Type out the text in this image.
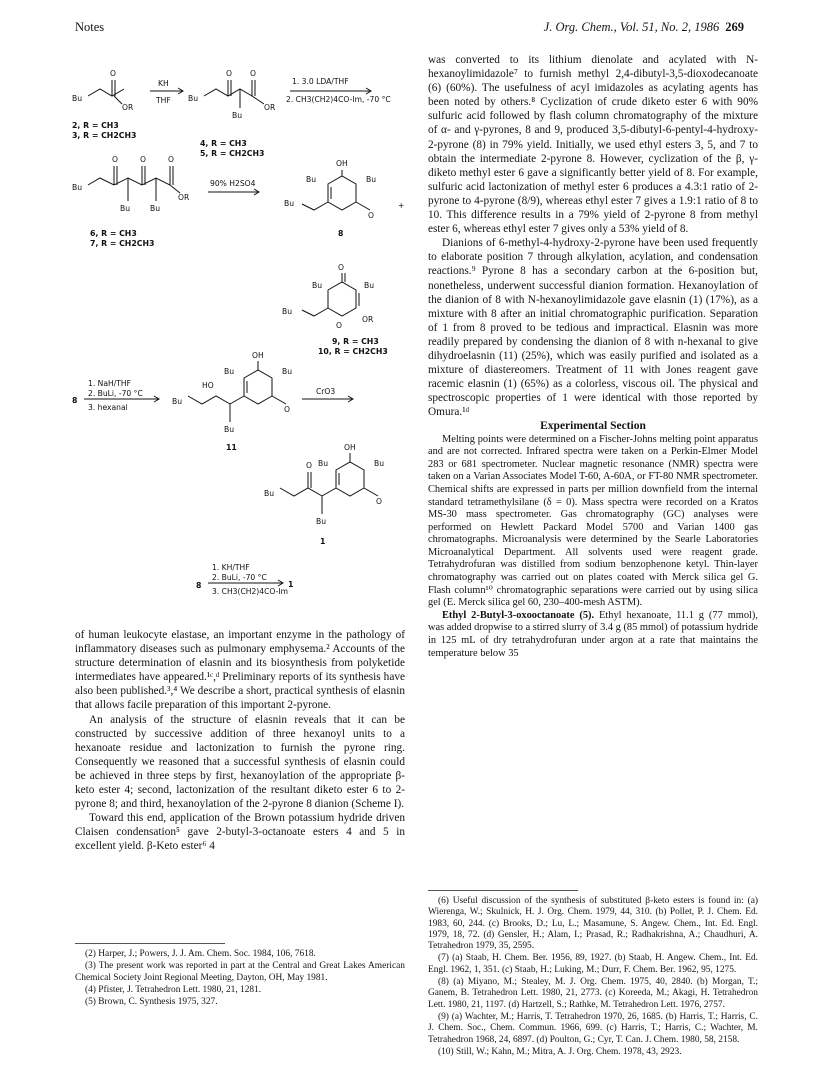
Notes	J. Org. Chem., Vol. 51, No. 2, 1986 269
Bu
O
OR
2, R = CH3
3, R = CH2CH3
KH
THF Bu
O O
OR
Bu
4, R = CH3
5, R = CH2CH3
1. 3.0 LDA/THF
2. CH3(CH2)4CO-Im, -70 °C
Bu
O	O	O
OR
Bu	Bu
6, R = CH3
7, R = CH2CH3
90% H2SO4
OH
O
Bu	Bu
Bu
8
+
O
Bu	Bu
Bu
O
OR
9, R = CH3
10, R = CH2CH3
8
1. NaH/THF
2. BuLi, -70 °C
3. hexanal
OH
O
Bu	Bu
Bu
HO
Bu
11
CrO3
OH
O
Bu	Bu
Bu
O
Bu
1
8
1. KH/THF
2. BuLi, -70 °C
3. CH3(CH2)4CO-Im
1

of human leukocyte elastase, an important enzyme in the pathology of inflammatory diseases such as pulmonary emphysema.² Accounts of the structure determination of elasnin and its biosynthesis from polyketide intermediates have appeared.¹ᶜ,ᵈ Preliminary reports of its synthesis have also been published.³,⁴ We describe a short, practical synthesis of elasnin that allows facile preparation of this important 2-pyrone.

An analysis of the structure of elasnin reveals that it can be constructed by successive addition of three hexanoyl units to a hexanoate residue and lactonization to furnish the pyrone ring. Consequently we reasoned that a successful synthesis of elasnin could be achieved in three steps by first, hexanoylation of the appropriate β-keto ester 4; second, lactonization of the resultant diketo ester 6 to 2-pyrone 8; and third, hexanoylation of the 2-pyrone 8 dianion (Scheme I).

Toward this end, application of the Brown potassium hydride driven Claisen condensation⁵ gave 2-butyl-3-octanoate esters 4 and 5 in excellent yield. β-Keto ester⁶ 4

was converted to its lithium dienolate and acylated with N-hexanoylimidazole⁷ to furnish methyl 2,4-dibutyl-3,5-dioxodecanoate (6) (60%). The usefulness of acyl imidazoles as acylating agents has been noted by others.⁸ Cyclization of crude diketo ester 6 with 90% sulfuric acid followed by flash column chromatography of the mixture of α- and γ-pyrones, 8 and 9, produced 3,5-dibutyl-6-pentyl-4-hydroxy-2-pyrone (8) in 79% yield. Initially, we used ethyl esters 3, 5, and 7 to obtain the intermediate 2-pyrone 8. However, cyclization of the β, γ-diketo methyl ester 6 gave a significantly better yield of 8. For example, sulfuric acid lactonization of methyl ester 6 produces a 4.3:1 ratio of 2-pyrone to 4-pyrone (8/9), whereas ethyl ester 7 gives a 1.9:1 ratio of 8 to 10. This difference results in a 79% yield of 2-pyrone 8 from methyl ester 6, whereas ethyl ester 7 gives only a 53% yield of 8.

Dianions of 6-methyl-4-hydroxy-2-pyrone have been used frequently to elaborate position 7 through alkylation, acylation, and condensation reactions.⁹ Pyrone 8 has a secondary carbon at the 6-position but, nonetheless, underwent successful dianion formation. Hexanoylation of the dianion of 8 with N-hexanoylimidazole gave elasnin (1) (17%), as a mixture with 8 after an initial chromatographic purification. Separation of 1 from 8 proved to be tedious and impractical. Elasnin was more readily prepared by condensing the dianion of 8 with n-hexanal to give dihydroelasnin (11) (25%), which was easily purified and isolated as a mixture of diastereomers. Treatment of 11 with Jones reagent gave racemic elasnin (1) (65%) as a colorless, viscous oil. The physical and spectroscopic properties of 1 were identical with those reported by Omura.¹ᵈ

Experimental Section

Melting points were determined on a Fischer-Johns melting point apparatus and are not corrected. Infrared spectra were taken on a Perkin-Elmer Model 283 or 681 spectrometer. Nuclear magnetic resonance (NMR) spectra were taken on a Varian Associates Model T-60, A-60A, or FT-80 NMR spectrometer. Chemical shifts are expressed in parts per million downfield from the internal standard tetramethylsilane (δ = 0). Mass spectra were recorded on a Kratos MS-30 mass spectrometer. Gas chromatography (GC) analyses were performed on Hewlett Packard Model 5700 and Varian 1400 gas chromatographs. Microanalysis were determined by the Searle Laboratories Microanalytical Department. All solvents used were reagent grade. Tetrahydrofuran was distilled from sodium benzophenone ketyl. Thin-layer chromatography was carried out on plates coated with Merck silica gel G. Flash column¹⁰ chromatographic separations were carried out by using silica gel (E. Merck silica gel 60, 230–400-mesh ASTM).

Ethyl 2-Butyl-3-oxooctanoate (5). Ethyl hexanoate, 11.1 g (77 mmol), was added dropwise to a stirred slurry of 3.4 g (85 mmol) of potassium hydride in 125 mL of dry tetrahydrofuran under argon at a rate that maintains the temperature below 35

(2) Harper, J.; Powers, J. J. Am. Chem. Soc. 1984, 106, 7618.

(3) The present work was reported in part at the Central and Great Lakes American Chemical Society Joint Regional Meeting, Dayton, OH, May 1981.

(4) Pfister, J. Tetrahedron Lett. 1980, 21, 1281.

(5) Brown, C. Synthesis 1975, 327.

(6) Useful discussion of the synthesis of substituted β-keto esters is found in: (a) Wierenga, W.; Skulnick, H. J. Org. Chem. 1979, 44, 310. (b) Pollet, P. J. Chem. Ed. 1983, 60, 244. (c) Brooks, D.; Lu, L.; Masamune, S. Angew. Chem., Int. Ed. Engl. 1979, 18, 72. (d) Gensler, H.; Alam, I.; Prasad, R.; Radhakrishna, A.; Chaudhuri, A. Tetrahedron 1979, 35, 2595.

(7) (a) Staab, H. Chem. Ber. 1956, 89, 1927. (b) Staab, H. Angew. Chem., Int. Ed. Engl. 1962, 1, 351. (c) Staab, H.; Luking, M.; Durr, F. Chem. Ber. 1962, 95, 1275.

(8) (a) Miyano, M.; Stealey, M. J. Org. Chem. 1975, 40, 2840. (b) Morgan, T.; Ganem, B. Tetrahedron Lett. 1980, 21, 2773. (c) Koreeda, M.; Akagi, H. Tetrahedron Lett. 1980, 21, 1197. (d) Hartzell, S.; Rathke, M. Tetrahedron Lett. 1976, 2757.

(9) (a) Wachter, M.; Harris, T. Tetrahedron 1970, 26, 1685. (b) Harris, T.; Harris, C. J. Chem. Soc., Chem. Commun. 1966, 699. (c) Harris, T.; Harris, C.; Wachter, M. Tetrahedron 1968, 24, 6897. (d) Poulton, G.; Cyr, T. Can. J. Chem. 1980, 58, 2158.

(10) Still, W.; Kahn, M.; Mitra, A. J. Org. Chem. 1978, 43, 2923.
